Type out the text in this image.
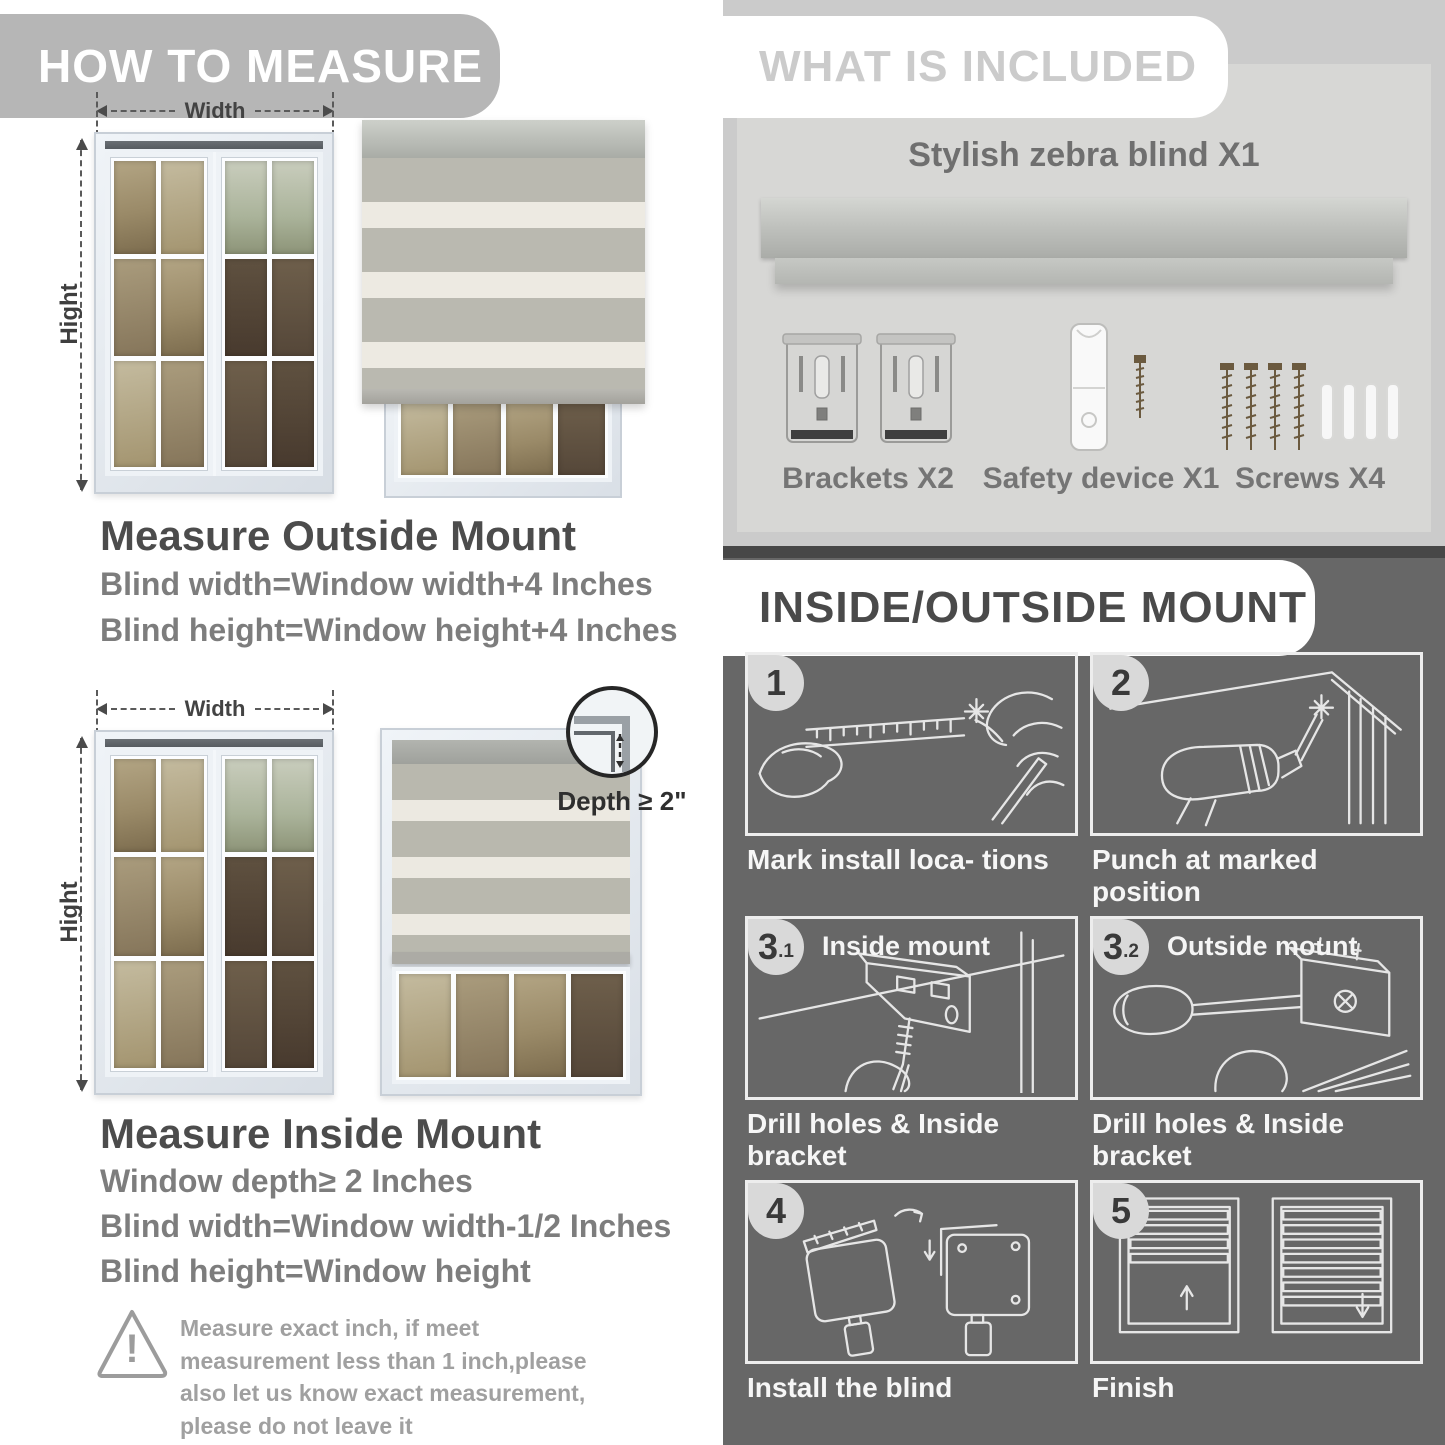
HOW TO MEASURE
Width
Hight
Measure Outside Mount
Blind width=Window width+4 Inches
Blind height=Window height+4 Inches
Width
Hight
Depth ≥ 2"
Measure Inside Mount
Window depth≥ 2 Inches
Blind width=Window width-1/2 Inches
Blind height=Window height
! Measure exact inch, if meet measurement less than 1 inch,please also let us know exact measurement, please do not leave it
WHAT IS INCLUDED
Stylish zebra blind X1
Brackets X2 Safety device X1 Screws X4
INSIDE/OUTSIDE MOUNT
1
Mark install loca- tions
2
Punch at marked position
3 .1 Inside mount
Drill holes & Inside bracket
3 .2 Outside mount
Drill holes & Inside bracket
4
Install the blind
5
Finish
